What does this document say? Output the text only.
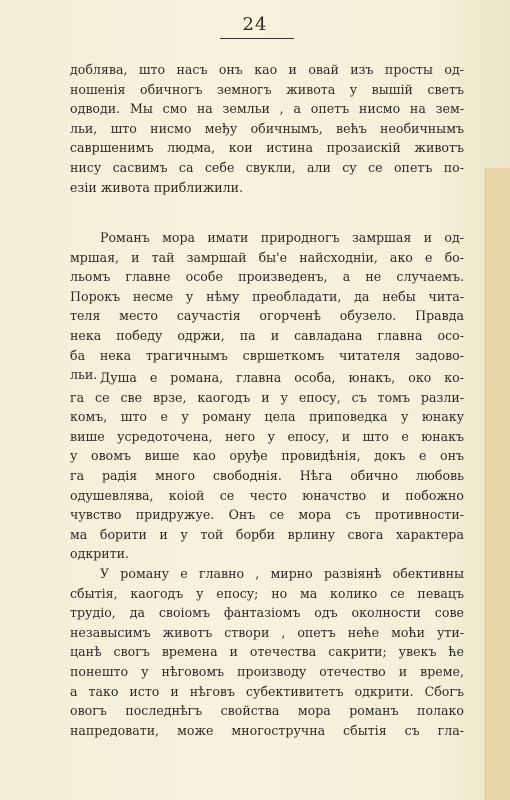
24
доблява, што насъ онъ као и овай изъ просты од-
ношенія обичногъ земногъ живота у вышій светъ
одводи. Мы смо на земльи , а опетъ нисмо на зем-
льи, што нисмо међу обичнымъ, већъ необичнымъ
савршенимъ людма, кои истина прозаискій животъ
нису сасвимъ са себе свукли, али су се опетъ по-
езіи живота приближили.
Романъ мора имати природногъ замршая и од-
мршая, и тай замршай бы'е найсходніи, ако е бо-
льомъ главне особе произведенъ, а не случаемъ.
Порокъ несме у нѣму преобладати, да небы чита-
теля место саучастія огорченѣ обузело. Правда
нека победу одржи, па и савладана главна осо-
ба нека трагичнымъ свршеткомъ читателя задово-
льи. Душа е романа, главна особа, юнакъ, око ко-
га се све врзе, каогодъ и у епосу, съ томъ разли-
комъ, што е у роману цела приповедка у юнаку
више усредоточена, него у епосу, и што е юнакъ
у овомъ више као оруђе провидѣнія, докъ е онъ
га радія много свободнія. Нѣга обично любовь
одушевлява, коіой се често юначство и побожно
чувство придружуе. Онъ се мора съ противности-
ма борити и у той борби врлину свога характера
одкрити.
У роману е главно , мирно развіянѣ обективны
сбытія, каогодъ у епосу; но ма колико се певацъ
трудіо, да своіомъ фантазіомъ одъ околности сове
незавысимъ животъ створи , опетъ неће моћи ути-
цанѣ свогъ времена и отечества сакрити; увекъ ће
понешто у нѣговомъ производу отечество и време,
а тако исто и нѣговъ субективитетъ одкрити. Сбогъ
овогъ последнѣгъ свойства мора романъ полако
напредовати, може многостручна сбытія съ гла-
